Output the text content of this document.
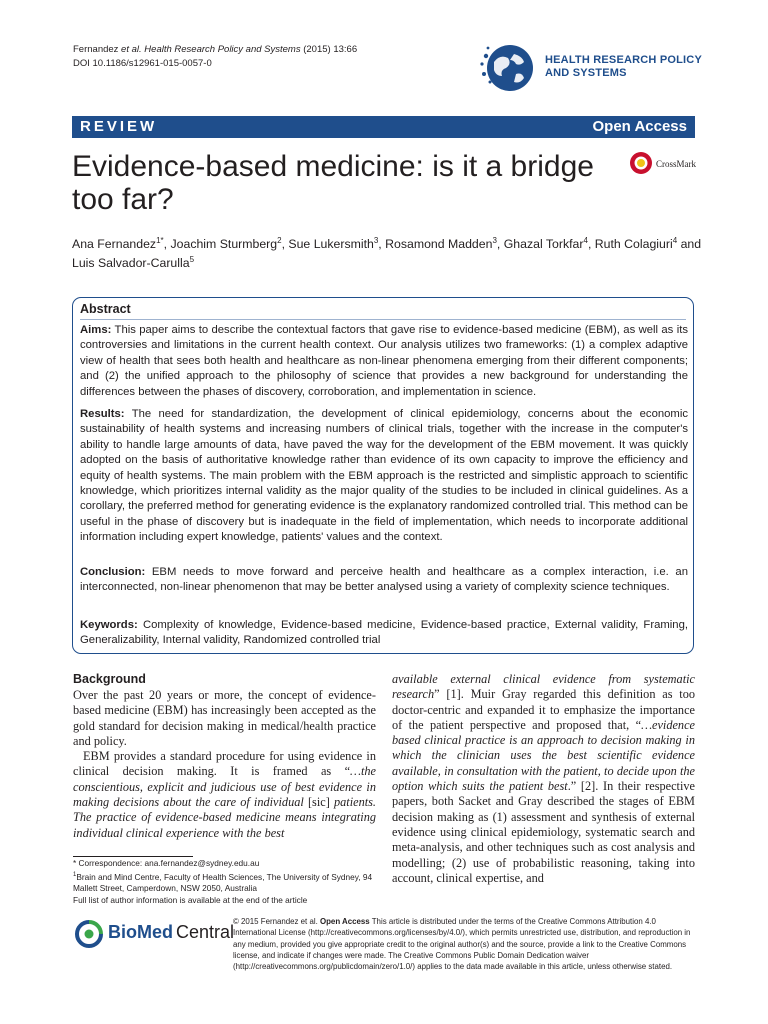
Fernandez et al. Health Research Policy and Systems (2015) 13:66
DOI 10.1186/s12961-015-0057-0	HEALTH RESEARCH POLICY
AND SYSTEMS
REVIEW	Open Access
Evidence-based medicine: is it a bridge too far?
CrossMark
Ana Fernandez$^{1*}$, Joachim Sturmberg$^2$, Sue Lukersmith$^3$, Rosamond Madden$^3$, Ghazal Torkfar$^4$, Ruth Colagiuri$^4$ and Luis Salvador-Carulla$^5$
Abstract
Aims: This paper aims to describe the contextual factors that gave rise to evidence-based medicine (EBM), as well as its controversies and limitations in the current health context. Our analysis utilizes two frameworks: (1) a complex adaptive view of health that sees both health and healthcare as non-linear phenomena emerging from their different components; and (2) the unified approach to the philosophy of science that provides a new background for understanding the differences between the phases of discovery, corroboration, and implementation in science.
Results: The need for standardization, the development of clinical epidemiology, concerns about the economic sustainability of health systems and increasing numbers of clinical trials, together with the increase in the computer's ability to handle large amounts of data, have paved the way for the development of the EBM movement. It was quickly adopted on the basis of authoritative knowledge rather than evidence of its own capacity to improve the efficiency and equity of health systems. The main problem with the EBM approach is the restricted and simplistic approach to scientific knowledge, which prioritizes internal validity as the major quality of the studies to be included in clinical guidelines. As a corollary, the preferred method for generating evidence is the explanatory randomized controlled trial. This method can be useful in the phase of discovery but is inadequate in the field of implementation, which needs to incorporate additional information including expert knowledge, patients' values and the context.
Conclusion: EBM needs to move forward and perceive health and healthcare as a complex interaction, i.e. an interconnected, non-linear phenomenon that may be better analysed using a variety of complexity science techniques.
Keywords: Complexity of knowledge, Evidence-based medicine, Evidence-based practice, External validity, Framing, Generalizability, Internal validity, Randomized controlled trial
Background
Over the past 20 years or more, the concept of evidence-based medicine (EBM) has increasingly been accepted as the gold standard for decision making in medical/health practice and policy.
EBM provides a standard procedure for using evidence in clinical decision making. It is framed as “…the conscientious, explicit and judicious use of best evidence in making decisions about the care of individual [sic] patients. The practice of evidence-based medicine means integrating individual clinical experience with the best
available external clinical evidence from systematic research” [1]. Muir Gray regarded this definition as too doctor-centric and expanded it to emphasize the importance of the patient perspective and proposed that, “…evidence based clinical practice is an approach to decision making in which the clinician uses the best scientific evidence available, in consultation with the patient, to decide upon the option which suits the patient best.” [2]. In their respective papers, both Sacket and Gray described the stages of EBM decision making as (1) assessment and synthesis of external evidence using clinical epidemiology, systematic search and meta-analysis, and other techniques such as cost analysis and modelling; (2) use of probabilistic reasoning, taking into account, clinical expertise, and
* Correspondence: ana.fernandez@sydney.edu.au
$^1$Brain and Mind Centre, Faculty of Health Sciences, The University of Sydney, 94 Mallett Street, Camperdown, NSW 2050, Australia
Full list of author information is available at the end of the article
BioMed Central
© 2015 Fernandez et al. Open Access This article is distributed under the terms of the Creative Commons Attribution 4.0 International License (http://creativecommons.org/licenses/by/4.0/), which permits unrestricted use, distribution, and reproduction in any medium, provided you give appropriate credit to the original author(s) and the source, provide a link to the Creative Commons license, and indicate if changes were made. The Creative Commons Public Domain Dedication waiver (http://creativecommons.org/publicdomain/zero/1.0/) applies to the data made available in this article, unless otherwise stated.
